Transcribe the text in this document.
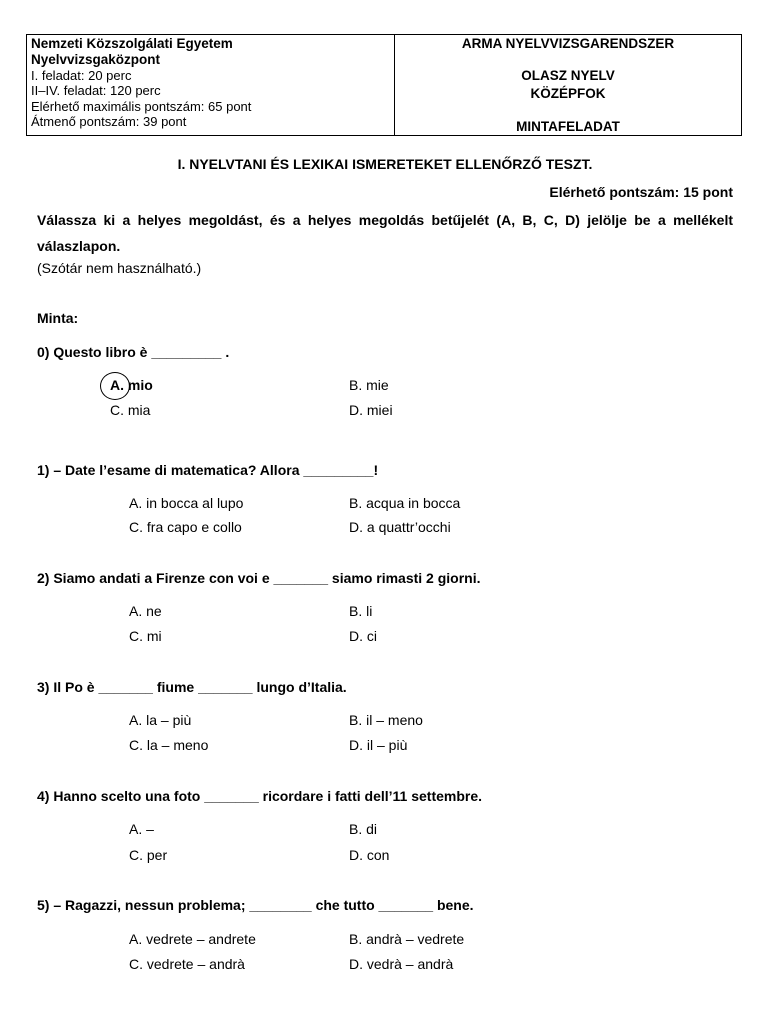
Nemzeti Közszolgálati Egyetem
Nyelvvizsgaközpont
I. feladat: 20 perc
II–IV. feladat: 120 perc
Elérhető maximális pontszám: 65 pont
Átmenő pontszám: 39 pont
ARMA NYELVVIZSGARENDSZER
OLASZ NYELV
KÖZÉPFOK
MINTAFELADAT
I. NYELVTANI ÉS LEXIKAI ISMERETEKET ELLENŐRZŐ TESZT.
Elérhető pontszám: 15 pont
Válassza ki a helyes megoldást, és a helyes megoldás betűjelét (A, B, C, D) jelölje be a mellékelt válaszlapon.
(Szótár nem használható.)
Minta:
0) Questo libro è _________ .
A. mio	B. mie
C. mia	D. miei
1) – Date l’esame di matematica? Allora _________!
A. in bocca al lupo	B. acqua in bocca
C. fra capo e collo	D. a quattr’occhi
2) Siamo andati a Firenze con voi e _______ siamo rimasti 2 giorni.
A. ne	B. li
C. mi	D. ci
3) Il Po è _______ fiume _______ lungo d’Italia.
A. la – più	B. il – meno
C. la – meno	D. il – più
4) Hanno scelto una foto _______ ricordare i fatti dell’11 settembre.
A. –	B. di
C. per	D. con
5) – Ragazzi, nessun problema; ________ che tutto _______ bene.
A. vedrete – andrete	B. andrà – vedrete
C. vedrete – andrà	D. vedrà – andrà
